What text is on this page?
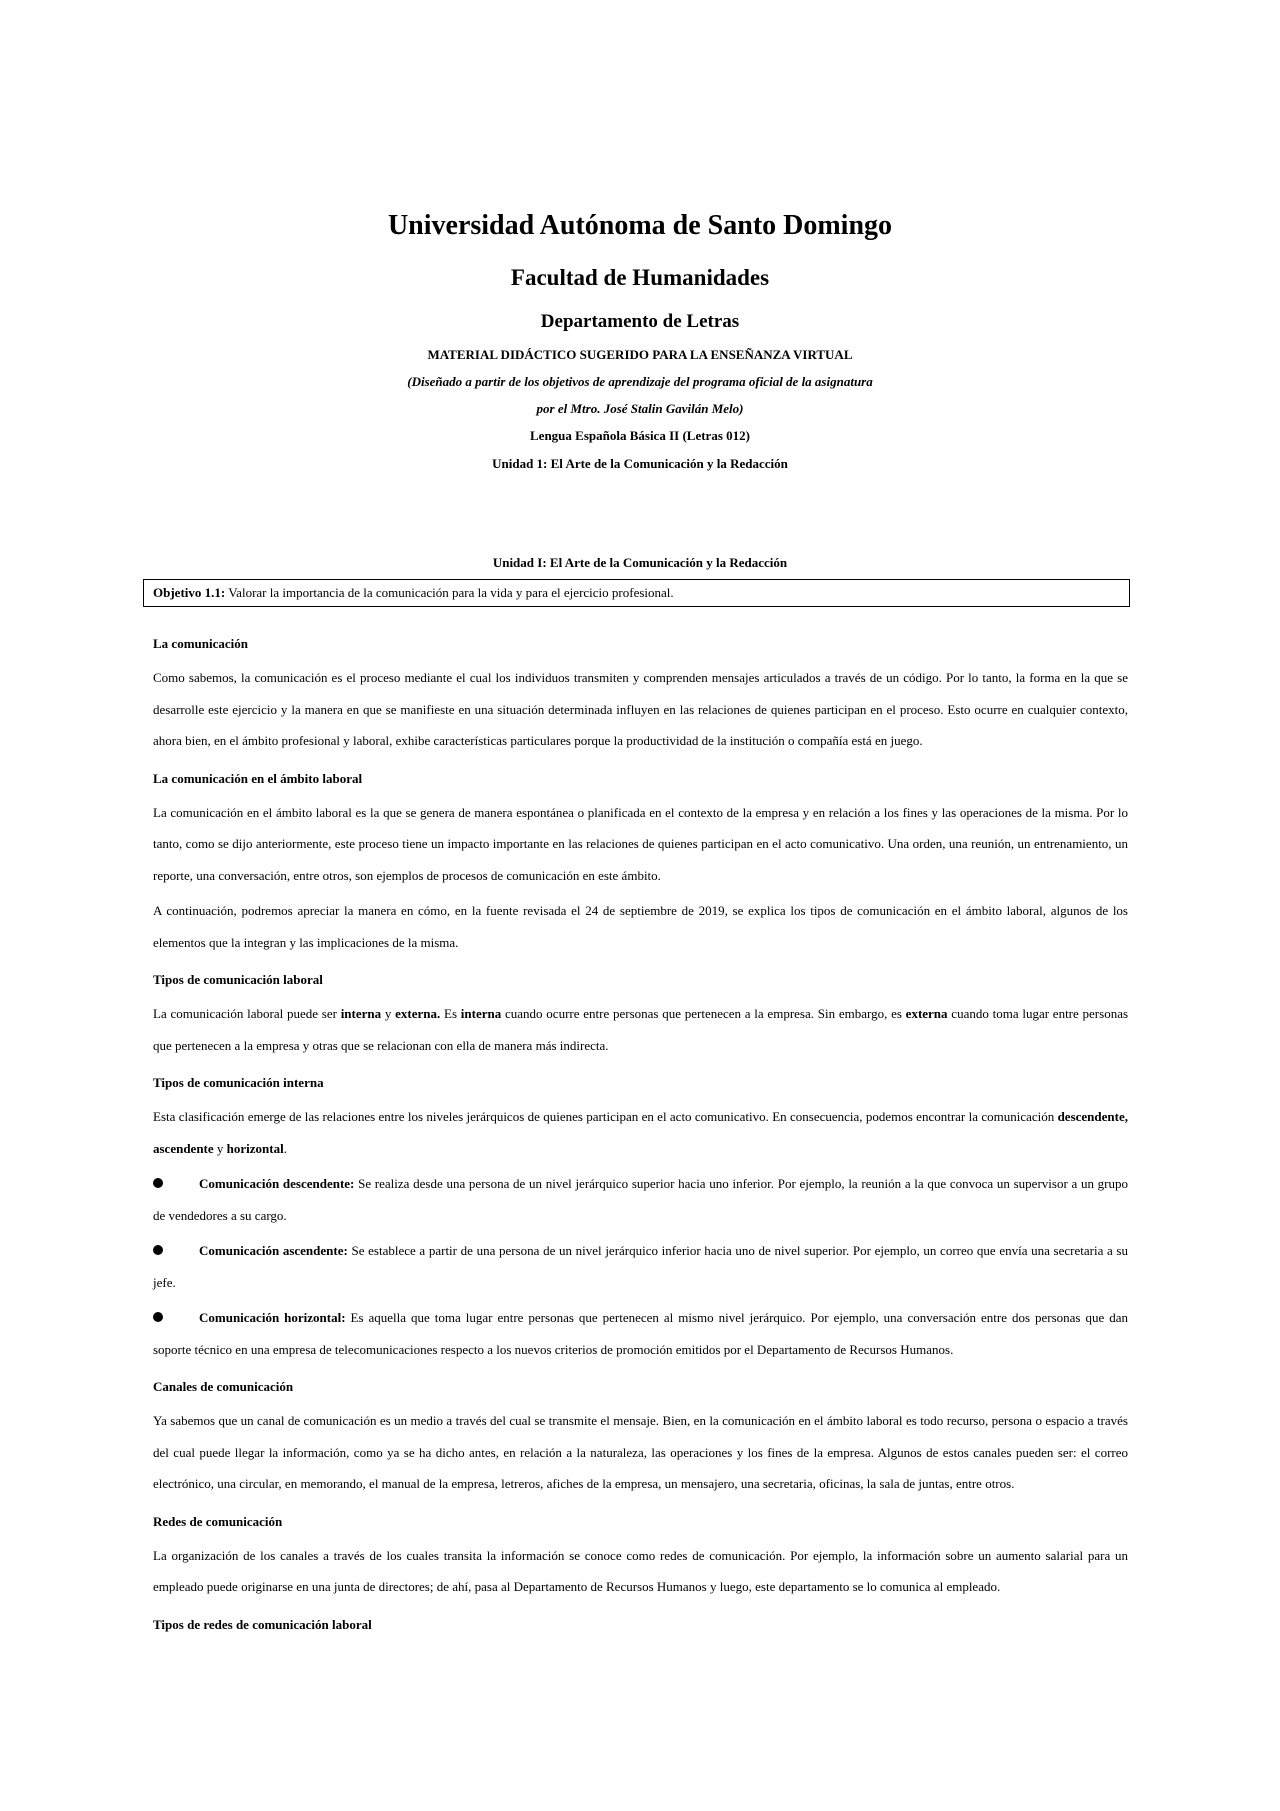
Universidad Autónoma de Santo Domingo

Facultad de Humanidades

Departamento de Letras

MATERIAL DIDÁCTICO SUGERIDO PARA LA ENSEÑANZA VIRTUAL

(Diseñado a partir de los objetivos de aprendizaje del programa oficial de la asignatura

por el Mtro. José Stalin Gavilán Melo)

Lengua Española Básica II (Letras 012)

Unidad 1: El Arte de la Comunicación y la Redacción

Unidad I: El Arte de la Comunicación y la Redacción

Objetivo 1.1: Valorar la importancia de la comunicación para la vida y para el ejercicio profesional.
La comunicación

Como sabemos, la comunicación es el proceso mediante el cual los individuos transmiten y comprenden mensajes articulados a través de un código. Por lo tanto, la forma en la que se desarrolle este ejercicio y la manera en que se manifieste en una situación determinada influyen en las relaciones de quienes participan en el proceso. Esto ocurre en cualquier contexto, ahora bien, en el ámbito profesional y laboral, exhibe características particulares porque la productividad de la institución o compañía está en juego.

La comunicación en el ámbito laboral

La comunicación en el ámbito laboral es la que se genera de manera espontánea o planificada en el contexto de la empresa y en relación a los fines y las operaciones de la misma. Por lo tanto, como se dijo anteriormente, este proceso tiene un impacto importante en las relaciones de quienes participan en el acto comunicativo. Una orden, una reunión, un entrenamiento, un reporte, una conversación, entre otros, son ejemplos de procesos de comunicación en este ámbito.

A continuación, podremos apreciar la manera en cómo, en la fuente revisada el 24 de septiembre de 2019, se explica los tipos de comunicación en el ámbito laboral, algunos de los elementos que la integran y las implicaciones de la misma.

Tipos de comunicación laboral

La comunicación laboral puede ser interna y externa. Es interna cuando ocurre entre personas que pertenecen a la empresa. Sin embargo, es externa cuando toma lugar entre personas que pertenecen a la empresa y otras que se relacionan con ella de manera más indirecta.

Tipos de comunicación interna

Esta clasificación emerge de las relaciones entre los niveles jerárquicos de quienes participan en el acto comunicativo. En consecuencia, podemos encontrar la comunicación descendente, ascendente y horizontal.

Comunicación descendente: Se realiza desde una persona de un nivel jerárquico superior hacia uno inferior. Por ejemplo, la reunión a la que convoca un supervisor a un grupo de vendedores a su cargo.

Comunicación ascendente: Se establece a partir de una persona de un nivel jerárquico inferior hacia uno de nivel superior. Por ejemplo, un correo que envía una secretaria a su jefe.

Comunicación horizontal: Es aquella que toma lugar entre personas que pertenecen al mismo nivel jerárquico. Por ejemplo, una conversación entre dos personas que dan soporte técnico en una empresa de telecomunicaciones respecto a los nuevos criterios de promoción emitidos por el Departamento de Recursos Humanos.

Canales de comunicación

Ya sabemos que un canal de comunicación es un medio a través del cual se transmite el mensaje. Bien, en la comunicación en el ámbito laboral es todo recurso, persona o espacio a través del cual puede llegar la información, como ya se ha dicho antes, en relación a la naturaleza, las operaciones y los fines de la empresa. Algunos de estos canales pueden ser: el correo electrónico, una circular, en memorando, el manual de la empresa, letreros, afiches de la empresa, un mensajero, una secretaria, oficinas, la sala de juntas, entre otros.

Redes de comunicación

La organización de los canales a través de los cuales transita la información se conoce como redes de comunicación. Por ejemplo, la información sobre un aumento salarial para un empleado puede originarse en una junta de directores; de ahí, pasa al Departamento de Recursos Humanos y luego, este departamento se lo comunica al empleado.

Tipos de redes de comunicación laboral
